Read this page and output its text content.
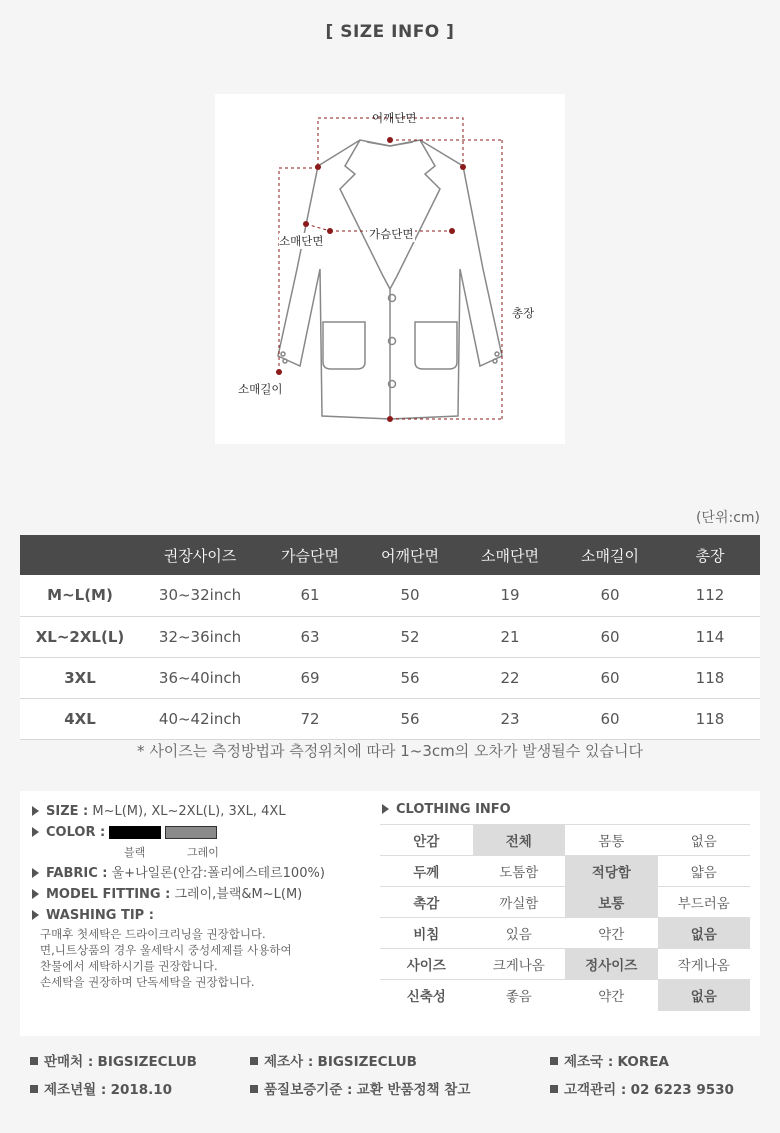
[ SIZE INFO ]
어깨단면
가슴단면
소매단면
소매길이
총장
(단위:cm)
	권장사이즈	가슴단면	어깨단면	소매단면	소매길이	총장
M~L(M)	30~32inch	61	50	19	60	112
XL~2XL(L)	32~36inch	63	52	21	60	114
3XL	36~40inch	69	56	22	60	118
4XL	40~42inch	72	56	23	60	118
* 사이즈는 측정방법과 측정위치에 따라 1~3cm의 오차가 발생될수 있습니다
SIZE : M~L(M), XL~2XL(L), 3XL, 4XL
COLOR :
블랙	그레이
FABRIC : 울+나일론(안감:폴리에스테르100%)
MODEL FITTING : 그레이,블랙&M~L(M)
WASHING TIP :
구매후 첫세탁은 드라이크리닝을 권장합니다.
면,니트상품의 경우 울세탁시 중성세제를 사용하여
찬물에서 세탁하시기를 권장합니다.
손세탁을 권장하며 단독세탁을 권장합니다.
CLOTHING INFO
안감	전체	몸통	없음
두께	도톰함	적당함	얇음
촉감	까실함	보통	부드러움
비침	있음	약간	없음
사이즈	크게나옴	정사이즈	작게나옴
신축성	좋음	약간	없음
판매처 : BIGSIZECLUB	제조사 : BIGSIZECLUB	제조국 : KOREA
제조년월 : 2018.10	품질보증기준 : 교환 반품정책 참고	고객관리 : 02 6223 9530
